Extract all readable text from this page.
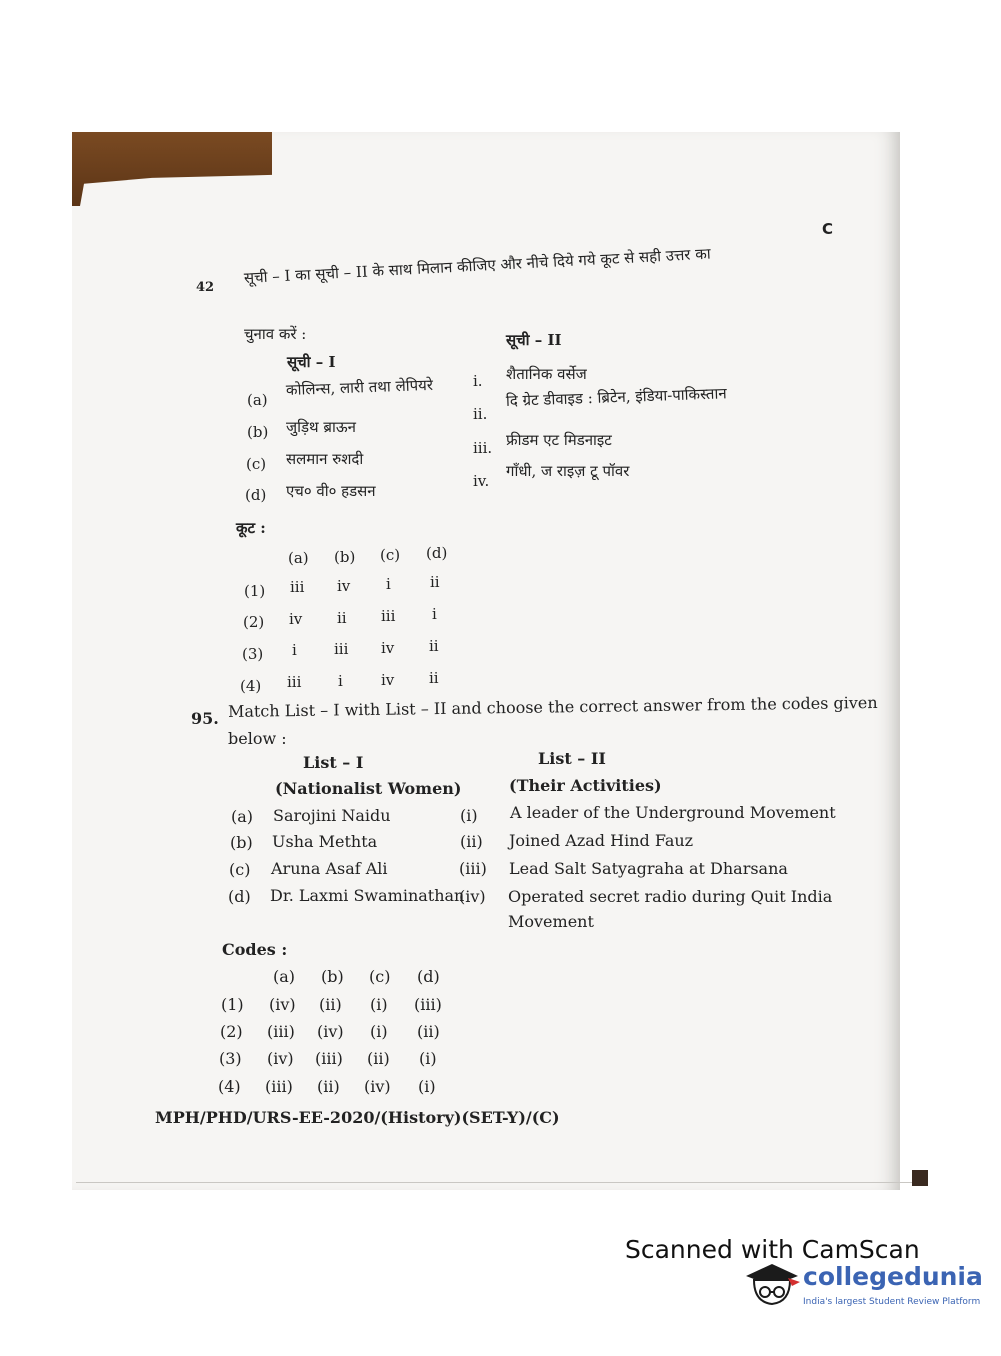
C
42
सूची – I का सूची – II के साथ मिलान कीजिए और नीचे दिये गये कूट से सही उत्तर का
चुनाव करें :
सूची – I
सूची – II
(a)
कोलिन्स, लारी तथा लेपियरे
(b) जुड़िथ ब्राऊन
(c) सलमान रुशदी
(d) एच० वी० हडसन
i. शैतानिक वर्सेज
ii.
दि ग्रेट डीवाइड : ब्रिटेन, इंडिया-पाकिस्तान
iii. फ्रीडम एट मिडनाइट
iv.
गाँधी, ज राइज़ टू पॉवर
कूट :
(a) (b) (c) (d)
(1) iii iv i	ii
(2) iv ii iii i
(3) i iii iv ii
(4) iii i	iv ii
95. Match List – I with List – II and choose the correct answer from the codes given
below :
List – I
(Nationalist Women)
List – II
(Their Activities)
(a) Sarojini Naidu
(b) Usha Methta
(c) Aruna Asaf Ali
(d) Dr. Laxmi Swaminathan
(i) A leader of the Underground Movement
(ii) Joined Azad Hind Fauz
(iii) Lead Salt Satyagraha at Dharsana
(iv) Operated secret radio during Quit India
Movement
Codes :
(a) (b) (c) (d)
(1) (iv) (ii) (i) (iii)
(2) (iii) (iv) (i) (ii)
(3) (iv) (iii) (ii) (i)
(4) (iii) (ii) (iv) (i)
MPH/PHD/URS-EE-2020/(History)(SET-Y)/(C)
Scanned with CamScan
collegedunia
India's largest Student Review Platform
